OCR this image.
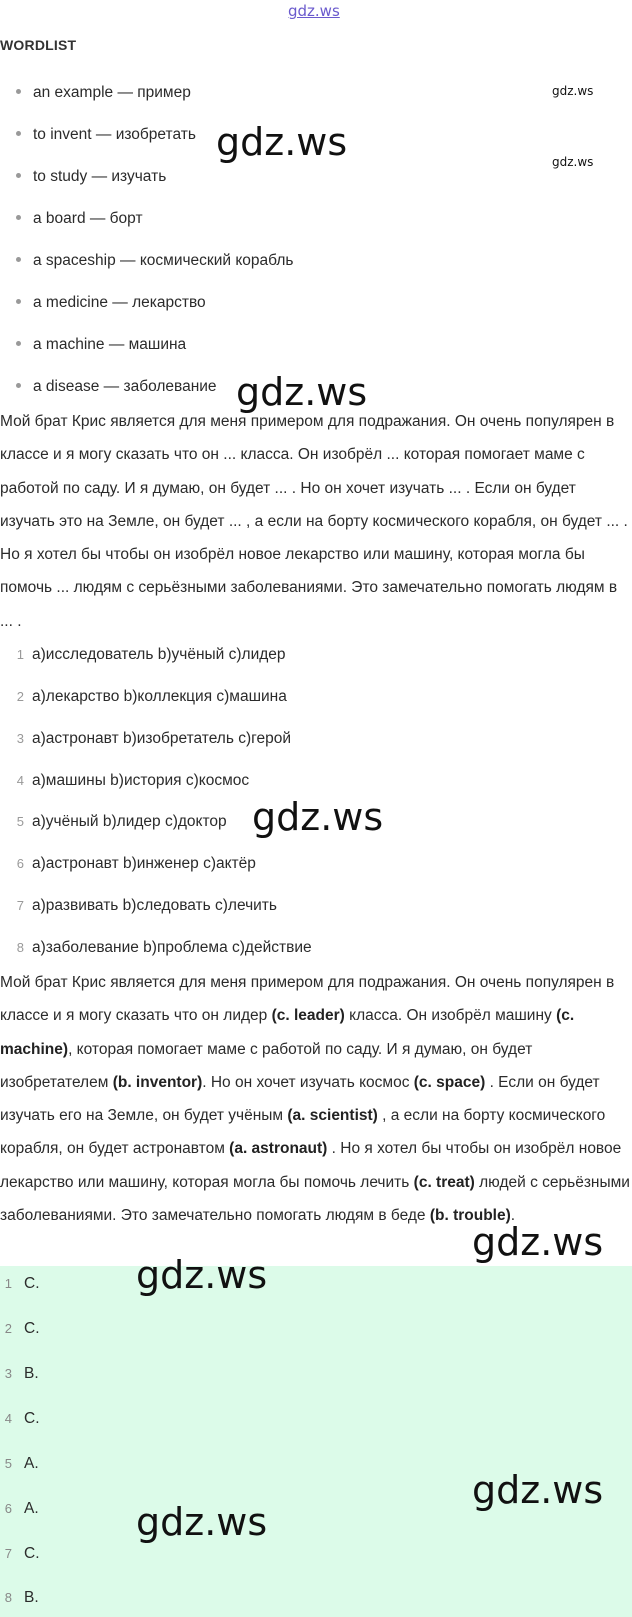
gdz.ws
WORDLIST
an example — пример
to invent — изобретать
to study — изучать
a board — борт
a spaceship — космический корабль
a medicine — лекарство
a machine — машина
a disease — заболевание
Мой брат Крис является для меня примером для подражания. Он очень популярен в классе и я могу сказать что он ... класса. Он изобрёл ... которая помогает маме с работой по саду. И я думаю, он будет ... . Но он хочет изучать ... . Если он будет изучать это на Земле, он будет ... , а если на борту космического корабля, он будет ... . Но я хотел бы чтобы он изобрёл новое лекарство или машину, которая могла бы помочь ... людям с серьёзными заболеваниями. Это замечательно помогать людям в ... .
1 a)исследователь b)учёный c)лидер
2 a)лекарство b)коллекция c)машина
3 a)астронавт b)изобретатель c)герой
4 a)машины b)история c)космос
5 a)учёный b)лидер c)доктор
6 a)астронавт b)инженер c)актёр
7 a)развивать b)следовать c)лечить
8 a)заболевание b)проблема c)действие
Мой брат Крис является для меня примером для подражания. Он очень популярен в классе и я могу сказать что он лидер (c. leader) класса. Он изобрёл машину (c. machine), которая помогает маме с работой по саду. И я думаю, он будет изобретателем (b. inventor). Но он хочет изучать космос (c. space) . Если он будет изучать его на Земле, он будет учёным (a. scientist) , а если на борту космического корабля, он будет астронавтом (a. astronaut) . Но я хотел бы чтобы он изобрёл новое лекарство или машину, которая могла бы помочь лечить (c. treat) людей с серьёзными заболеваниями. Это замечательно помогать людям в беде (b. trouble).
1 C.
2 C.
3 B.
4 C.
5 A.
6 A.
7 C.
8 B.
gdz.ws
gdz.ws
gdz.ws
gdz.ws
gdz.ws
gdz.ws
gdz.ws
gdz.ws
gdz.ws
